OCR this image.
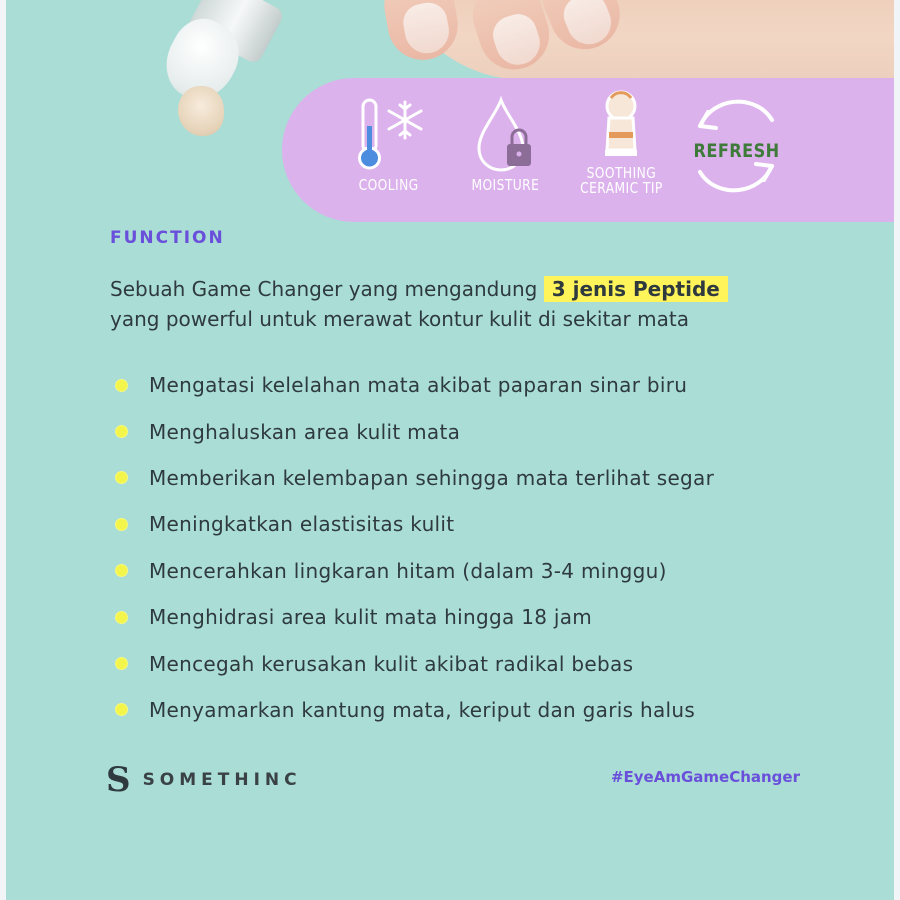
COOLING	MOISTURE
SOOTHING
CERAMIC TIP
REFRESH
FUNCTION
Sebuah Game Changer yang mengandung 3 jenis Peptide
yang powerful untuk merawat kontur kulit di sekitar mata
Mengatasi kelelahan mata akibat paparan sinar biru
Menghaluskan area kulit mata
Memberikan kelembapan sehingga mata terlihat segar
Meningkatkan elastisitas kulit
Mencerahkan lingkaran hitam (dalam 3-4 minggu)
Menghidrasi area kulit mata hingga 18 jam
Mencegah kerusakan kulit akibat radikal bebas
Menyamarkan kantung mata, keriput dan garis halus
S SOMETHINC	#EyeAmGameChanger
